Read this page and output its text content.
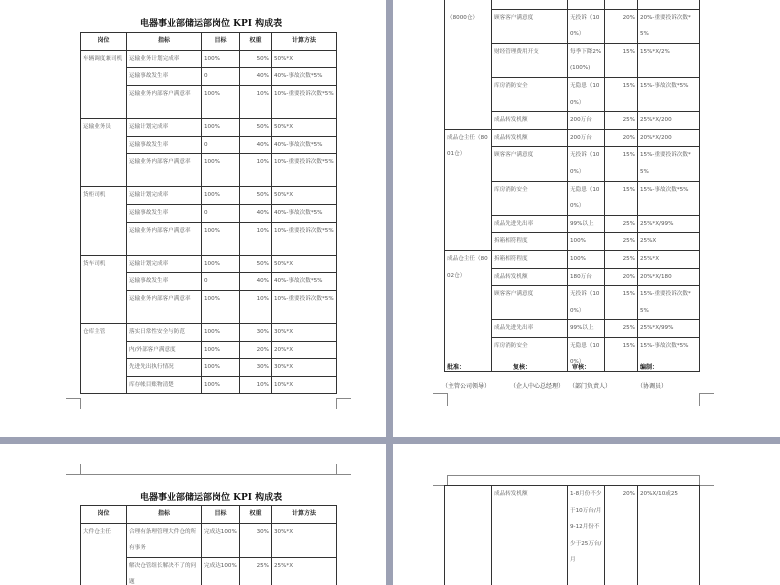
电器事业部储运部岗位 KPI 构成表
岗位	指标	目标	权重	计算方法
车辆调度兼司机	运输业务计划完成率	100%	50%	50%*X
	运输事故发生率	0	40%	40%-事故次数*5%
	运输业务内部客户满意率	100%	10%	10%-重要投诉次数*5%
运输业务员	运输计划完成率	100%	50%	50%*X
	运输事故发生率	0	40%	40%-事故次数*5%
	运输业务内部客户满意率	100%	10%	10%-重要投诉次数*5%
货柜司机	运输计划完成率	100%	50%	50%*X
	运输事故发生率	0	40%	40%-事故次数*5%
	运输业务内部客户满意率	100%	10%	10%-重要投诉次数*5%
货车司机	运输计划完成率	100%	50%	50%*X
	运输事故发生率	0	40%	40%-事故次数*5%
	运输业务内部客户满意率	100%	10%	10%-重要投诉次数*5%
仓库主管	落实日常性安全与防范	100%	30%	30%*X
	内/外部客户满意度	100%	20%	20%*X
	先进先出执行情况	100%	30%	30%*X
	库存帐目账物清楚	100%	10%	10%*X
（8000仓）				
	顾客客户满意度	无投诉（100%）	20%	20%-重要投诉次数*5%
	财经管理费用开支	每季下降2%(100%)	15%	15%*X/2%
	库房消防安全	无隐患（100%）	15%	15%-事故次数*5%
	成品转发机额	200万台	25%	25%*X/200
成品仓主任（8001仓）	成品转发机额	200万台	20%	20%*X/200
	顾客客户满意度	无投诉（100%）	15%	15%-重要投诉次数*5%
	库房消防安全	无隐患（100%）	15%	15%-事故次数*5%
	成品先进先出率	99%以上	25%	25%*X/99%
	拆箱相符程度	100%	25%	25%X
成品仓主任（8002仓）	拆箱相符程度	100%	25%	25%*X
	成品转发机额	180万台	20%	20%*X/180
	顾客客户满意度	无投诉（100%）	15%	15%-重要投诉次数*5%
	成品先进先出率	99%以上	25%	25%*X/99%
	库房消防安全	无隐患（100%）	15%	15%-事故次数*5%
批准：
（主管公司领导）
复核：
（企人中心总经理）
审核：
（部门负责人）
编制：
（协调员）
电器事业部储运部岗位 KPI 构成表
岗位	指标	目标	权重	计算方法
大件仓主任	合理有条理管理大件仓的所有事务	完成达100%	30%	30%*X
	解决仓管组长解决不了的问题	完成达100%	25%	25%*X
	成品转发机额	1-8月份不少于10万台/月 9-12月份不少于25万台/月	20%	20%X/10或25
